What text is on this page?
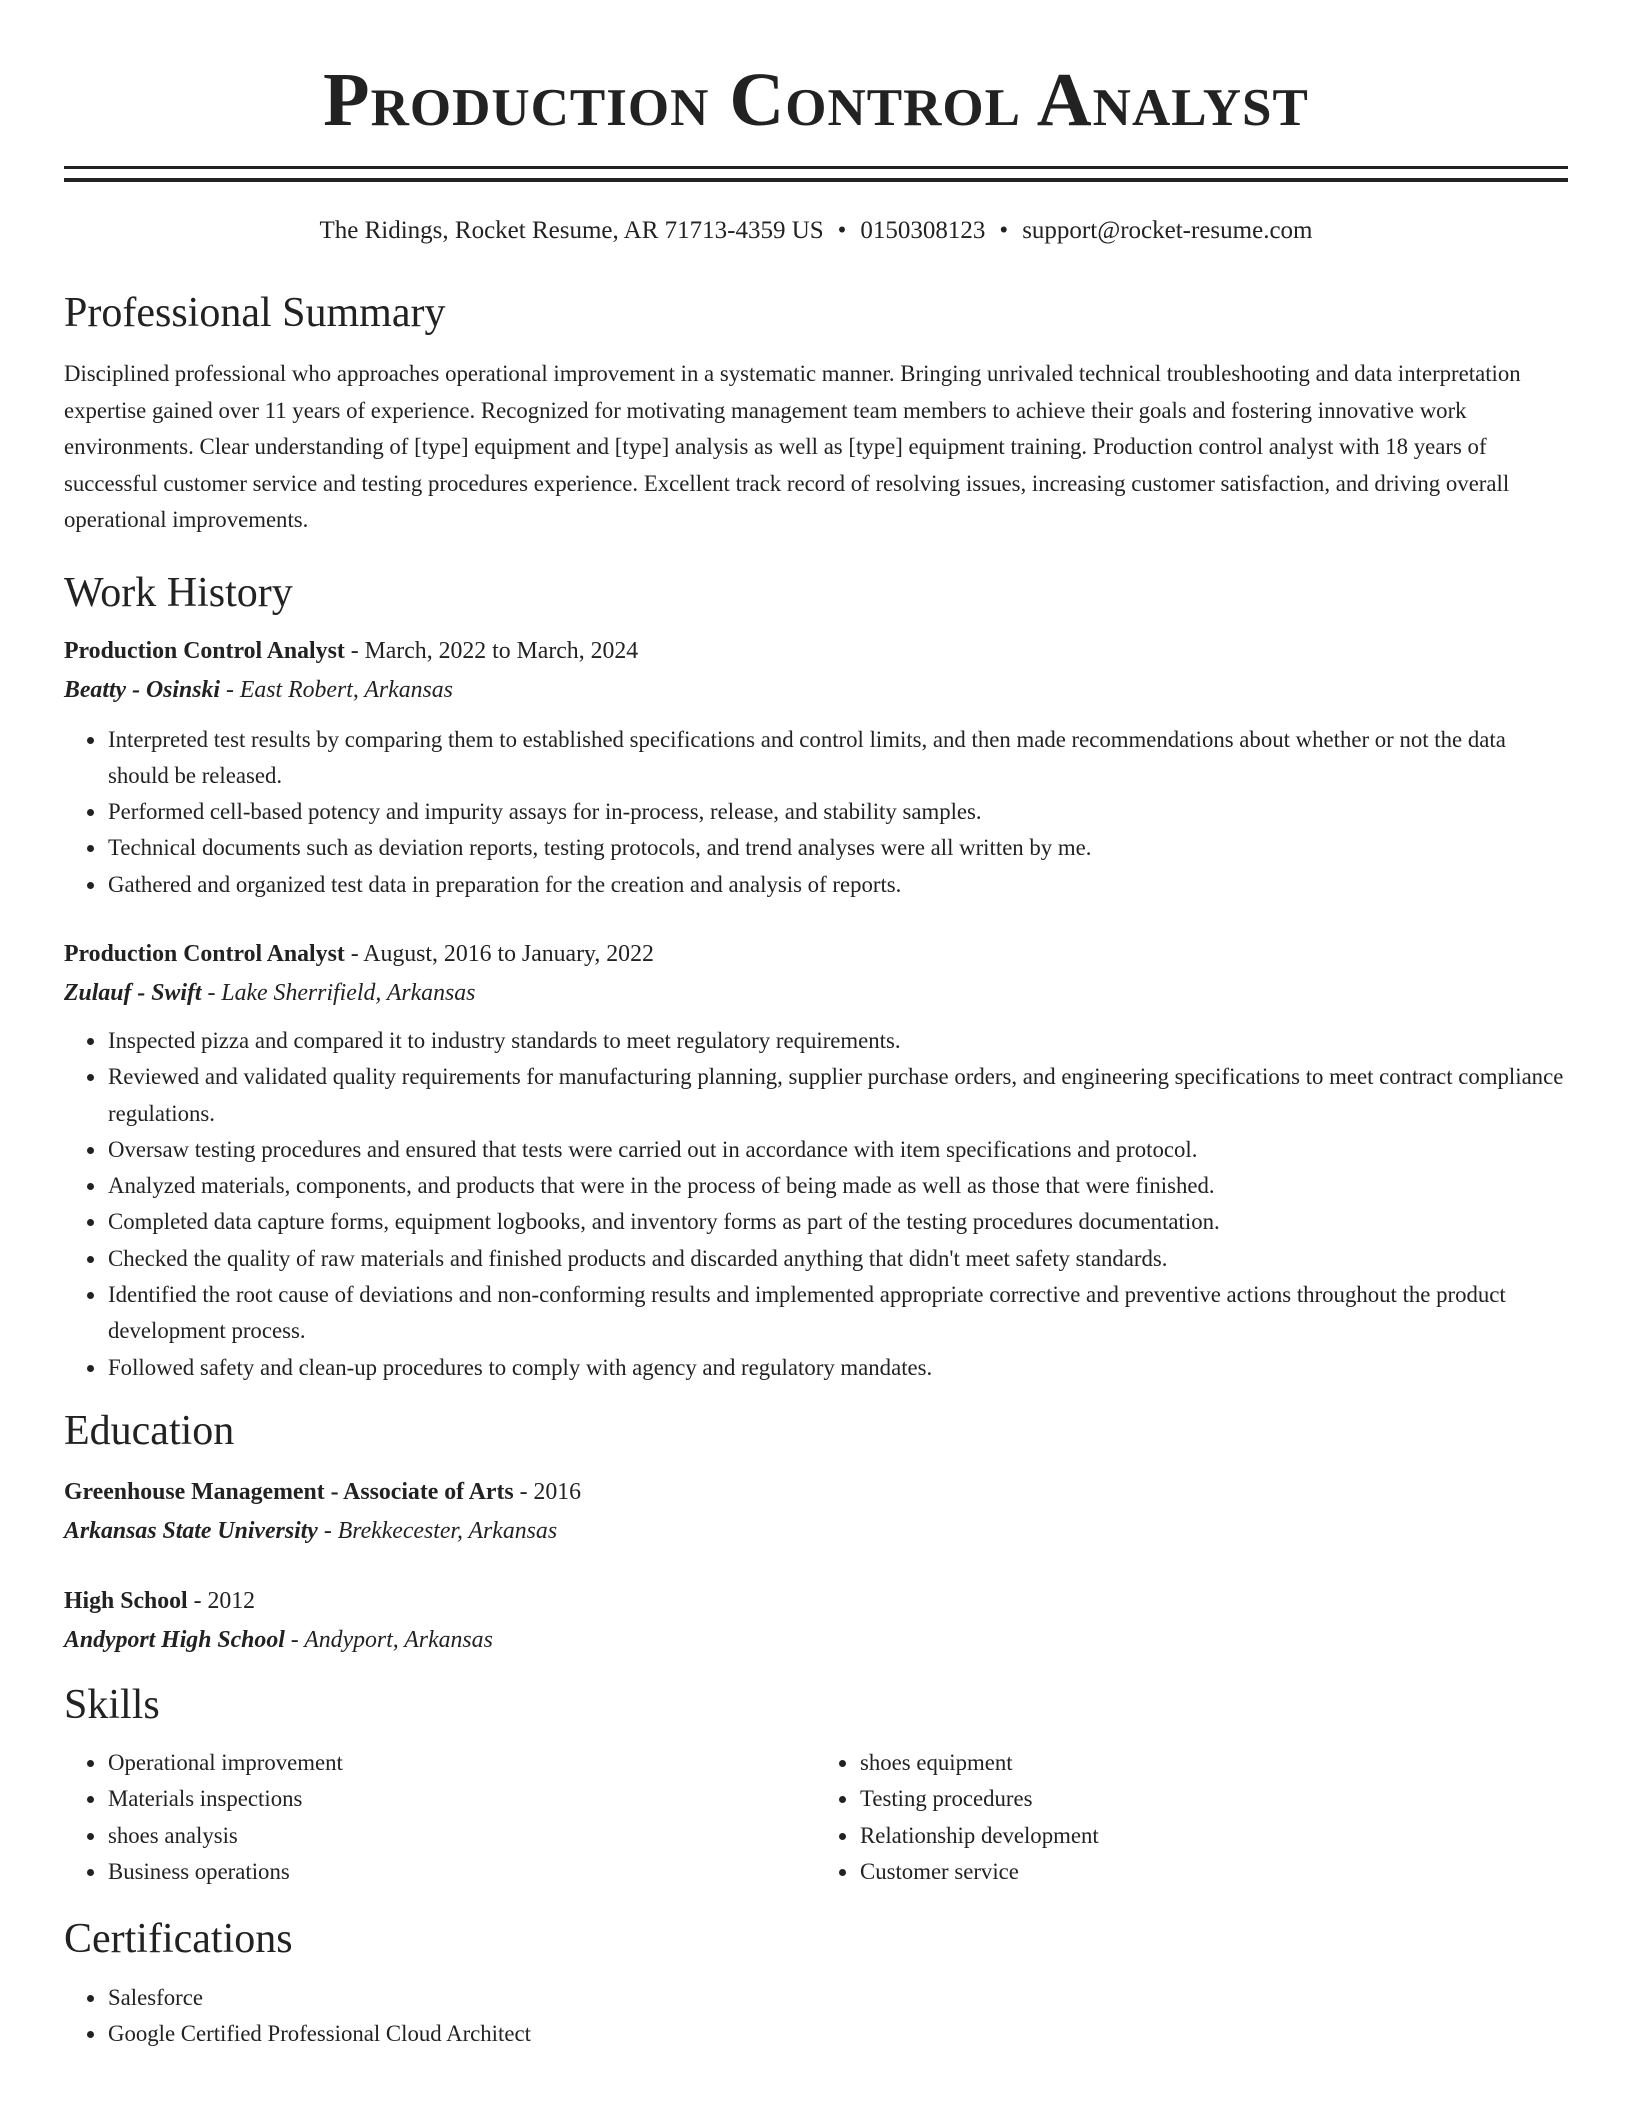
Production Control Analyst
The Ridings, Rocket Resume, AR 71713-4359 US • 0150308123 • support@rocket-resume.com
Professional Summary
Disciplined professional who approaches operational improvement in a systematic manner. Bringing unrivaled technical troubleshooting and data interpretation expertise gained over 11 years of experience. Recognized for motivating management team members to achieve their goals and fostering innovative work environments. Clear understanding of [type] equipment and [type] analysis as well as [type] equipment training. Production control analyst with 18 years of successful customer service and testing procedures experience. Excellent track record of resolving issues, increasing customer satisfaction, and driving overall operational improvements.
Work History
Production Control Analyst - March, 2022 to March, 2024
Beatty - Osinski - East Robert, Arkansas
• Interpreted test results by comparing them to established specifications and control limits, and then made recommendations about whether or not the data should be released.
• Performed cell-based potency and impurity assays for in-process, release, and stability samples.
• Technical documents such as deviation reports, testing protocols, and trend analyses were all written by me.
• Gathered and organized test data in preparation for the creation and analysis of reports.
Production Control Analyst - August, 2016 to January, 2022
Zulauf - Swift - Lake Sherrifield, Arkansas
• Inspected pizza and compared it to industry standards to meet regulatory requirements.
• Reviewed and validated quality requirements for manufacturing planning, supplier purchase orders, and engineering specifications to meet contract compliance regulations.
• Oversaw testing procedures and ensured that tests were carried out in accordance with item specifications and protocol.
• Analyzed materials, components, and products that were in the process of being made as well as those that were finished.
• Completed data capture forms, equipment logbooks, and inventory forms as part of the testing procedures documentation.
• Checked the quality of raw materials and finished products and discarded anything that didn't meet safety standards.
• Identified the root cause of deviations and non-conforming results and implemented appropriate corrective and preventive actions throughout the product development process.
• Followed safety and clean-up procedures to comply with agency and regulatory mandates.
Education
Greenhouse Management - Associate of Arts - 2016
Arkansas State University - Brekkecester, Arkansas
High School - 2012
Andyport High School - Andyport, Arkansas
Skills
• Operational improvement
• Materials inspections
• shoes analysis
• Business operations
• shoes equipment
• Testing procedures
• Relationship development
• Customer service
Certifications
• Salesforce
• Google Certified Professional Cloud Architect
